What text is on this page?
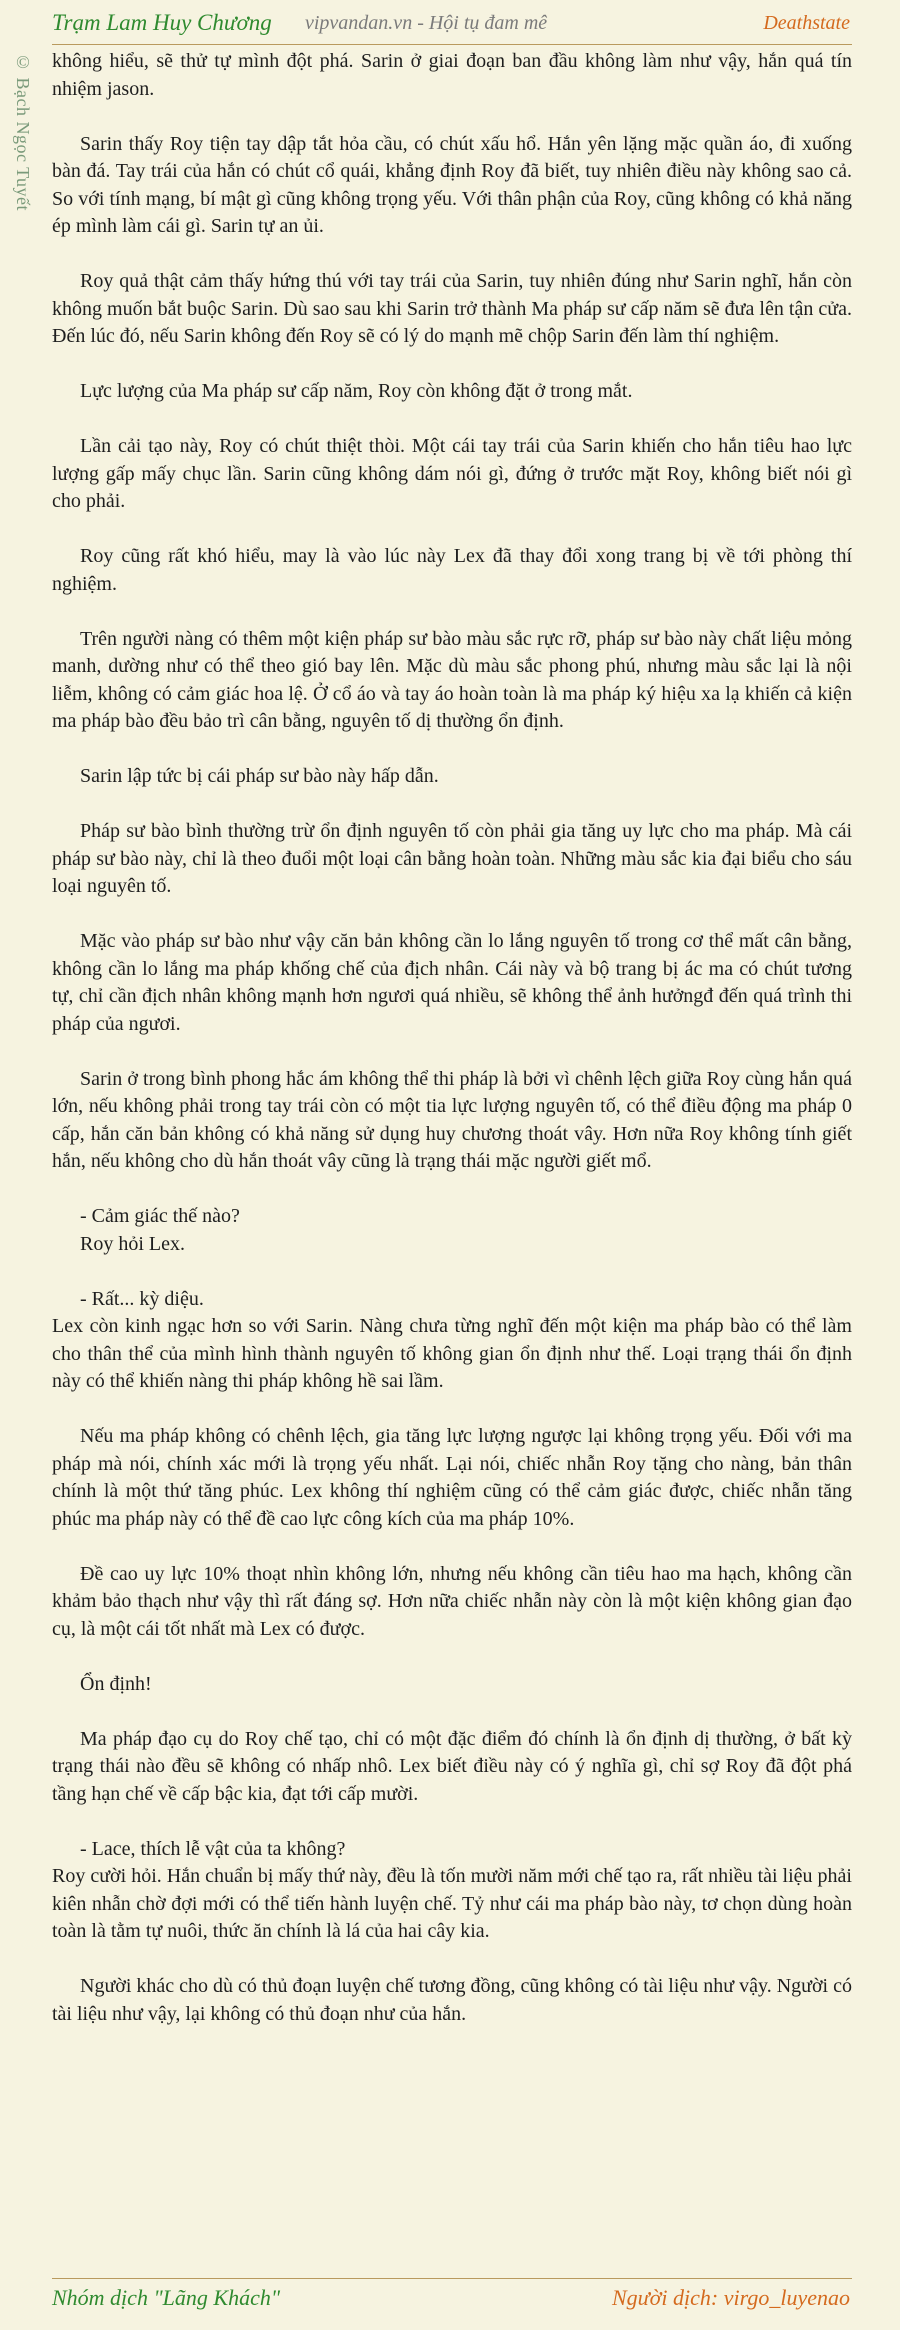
Trạm Lam Huy Chương vipvandan.vn - Hội tụ đam mê	Deathstate
© Bạch Ngọc Tuyết không hiểu, sẽ thử tự mình đột phá. Sarin ở giai đoạn ban đầu không làm như vậy, hắn quá tín nhiệm jason.

Sarin thấy Roy tiện tay dập tắt hỏa cầu, có chút xấu hổ. Hắn yên lặng mặc quần áo, đi xuống bàn đá. Tay trái của hắn có chút cổ quái, khẳng định Roy đã biết, tuy nhiên điều này không sao cả. So với tính mạng, bí mật gì cũng không trọng yếu. Với thân phận của Roy, cũng không có khả năng ép mình làm cái gì. Sarin tự an ủi.

Roy quả thật cảm thấy hứng thú với tay trái của Sarin, tuy nhiên đúng như Sarin nghĩ, hắn còn không muốn bắt buộc Sarin. Dù sao sau khi Sarin trở thành Ma pháp sư cấp năm sẽ đưa lên tận cửa. Đến lúc đó, nếu Sarin không đến Roy sẽ có lý do mạnh mẽ chộp Sarin đến làm thí nghiệm.

Lực lượng của Ma pháp sư cấp năm, Roy còn không đặt ở trong mắt.

Lần cải tạo này, Roy có chút thiệt thòi. Một cái tay trái của Sarin khiến cho hắn tiêu hao lực lượng gấp mấy chục lần. Sarin cũng không dám nói gì, đứng ở trước mặt Roy, không biết nói gì cho phải.

Roy cũng rất khó hiểu, may là vào lúc này Lex đã thay đổi xong trang bị về tới phòng thí nghiệm.

Trên người nàng có thêm một kiện pháp sư bào màu sắc rực rỡ, pháp sư bào này chất liệu mỏng manh, dường như có thể theo gió bay lên. Mặc dù màu sắc phong phú, nhưng màu sắc lại là nội liễm, không có cảm giác hoa lệ. Ở cổ áo và tay áo hoàn toàn là ma pháp ký hiệu xa lạ khiến cả kiện ma pháp bào đều bảo trì cân bằng, nguyên tố dị thường ổn định.

Sarin lập tức bị cái pháp sư bào này hấp dẫn.

Pháp sư bào bình thường trừ ổn định nguyên tố còn phải gia tăng uy lực cho ma pháp. Mà cái pháp sư bào này, chỉ là theo đuổi một loại cân bằng hoàn toàn. Những màu sắc kia đại biểu cho sáu loại nguyên tố.

Mặc vào pháp sư bào như vậy căn bản không cần lo lắng nguyên tố trong cơ thể mất cân bằng, không cần lo lắng ma pháp khống chế của địch nhân. Cái này và bộ trang bị ác ma có chút tương tự, chỉ cần địch nhân không mạnh hơn ngươi quá nhiều, sẽ không thể ảnh hưởngđ đến quá trình thi pháp của ngươi.

Sarin ở trong bình phong hắc ám không thể thi pháp là bởi vì chênh lệch giữa Roy cùng hắn quá lớn, nếu không phải trong tay trái còn có một tia lực lượng nguyên tố, có thể điều động ma pháp 0 cấp, hắn căn bản không có khả năng sử dụng huy chương thoát vây. Hơn nữa Roy không tính giết hắn, nếu không cho dù hắn thoát vây cũng là trạng thái mặc người giết mổ.

- Cảm giác thế nào?

Roy hỏi Lex.

- Rất... kỳ diệu.

Lex còn kinh ngạc hơn so với Sarin. Nàng chưa từng nghĩ đến một kiện ma pháp bào có thể làm cho thân thể của mình hình thành nguyên tố không gian ổn định như thế. Loại trạng thái ổn định này có thể khiến nàng thi pháp không hề sai lầm.

Nếu ma pháp không có chênh lệch, gia tăng lực lượng ngược lại không trọng yếu. Đối với ma pháp mà nói, chính xác mới là trọng yếu nhất. Lại nói, chiếc nhẫn Roy tặng cho nàng, bản thân chính là một thứ tăng phúc. Lex không thí nghiệm cũng có thể cảm giác được, chiếc nhẫn tăng phúc ma pháp này có thể đề cao lực công kích của ma pháp 10%.

Đề cao uy lực 10% thoạt nhìn không lớn, nhưng nếu không cần tiêu hao ma hạch, không cần khảm bảo thạch như vậy thì rất đáng sợ. Hơn nữa chiếc nhẫn này còn là một kiện không gian đạo cụ, là một cái tốt nhất mà Lex có được.

Ổn định!

Ma pháp đạo cụ do Roy chế tạo, chỉ có một đặc điểm đó chính là ổn định dị thường, ở bất kỳ trạng thái nào đều sẽ không có nhấp nhô. Lex biết điều này có ý nghĩa gì, chỉ sợ Roy đã đột phá tầng hạn chế về cấp bậc kia, đạt tới cấp mười.

- Lace, thích lễ vật của ta không?

Roy cười hỏi. Hắn chuẩn bị mấy thứ này, đều là tốn mười năm mới chế tạo ra, rất nhiều tài liệu phải kiên nhẫn chờ đợi mới có thể tiến hành luyện chế. Tỷ như cái ma pháp bào này, tơ chọn dùng hoàn toàn là tằm tự nuôi, thức ăn chính là lá của hai cây kia.

Người khác cho dù có thủ đoạn luyện chế tương đồng, cũng không có tài liệu như vậy. Người có tài liệu như vậy, lại không có thủ đoạn như của hắn.

Nhóm dịch "Lãng Khách"	Người dịch: virgo_luyenao
